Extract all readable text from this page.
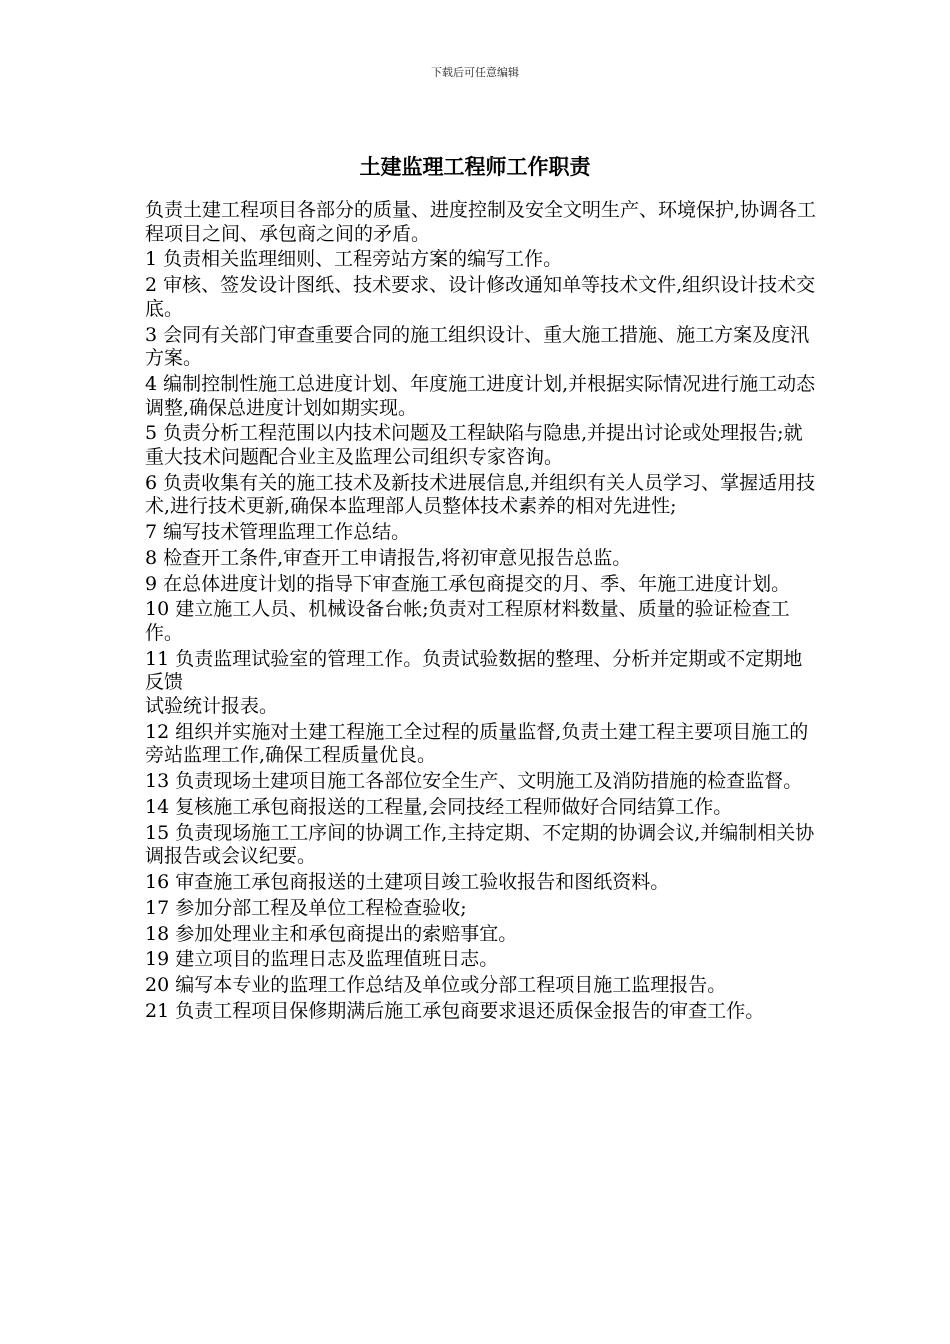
下载后可任意编辑
土建监理工程师工作职责

负责土建工程项目各部分的质量、进度控制及安全文明生产、环境保护,协调各工程项目之间、承包商之间的矛盾。

1 负责相关监理细则、工程旁站方案的编写工作。

2 审核、签发设计图纸、技术要求、设计修改通知单等技术文件,组织设计技术交底。

3 会同有关部门审查重要合同的施工组织设计、重大施工措施、施工方案及度汛方案。

4 编制控制性施工总进度计划、年度施工进度计划,并根据实际情况进行施工动态调整,确保总进度计划如期实现。

5 负责分析工程范围以内技术问题及工程缺陷与隐患,并提出讨论或处理报告;就重大技术问题配合业主及监理公司组织专家咨询。

6 负责收集有关的施工技术及新技术进展信息,并组织有关人员学习、掌握适用技术,进行技术更新,确保本监理部人员整体技术素养的相对先进性;

7 编写技术管理监理工作总结。

8 检查开工条件,审查开工申请报告,将初审意见报告总监。

9 在总体进度计划的指导下审查施工承包商提交的月、季、年施工进度计划。

10 建立施工人员、机械设备台帐;负责对工程原材料数量、质量的验证检查工作。

11 负责监理试验室的管理工作。负责试验数据的整理、分析并定期或不定期地反馈

试验统计报表。

12 组织并实施对土建工程施工全过程的质量监督,负责土建工程主要项目施工的旁站监理工作,确保工程质量优良。

13 负责现场土建项目施工各部位安全生产、文明施工及消防措施的检查监督。

14 复核施工承包商报送的工程量,会同技经工程师做好合同结算工作。

15 负责现场施工工序间的协调工作,主持定期、不定期的协调会议,并编制相关协调报告或会议纪要。

16 审查施工承包商报送的土建项目竣工验收报告和图纸资料。

17 参加分部工程及单位工程检查验收;

18 参加处理业主和承包商提出的索赔事宜。

19 建立项目的监理日志及监理值班日志。

20 编写本专业的监理工作总结及单位或分部工程项目施工监理报告。

21 负责工程项目保修期满后施工承包商要求退还质保金报告的审查工作。
